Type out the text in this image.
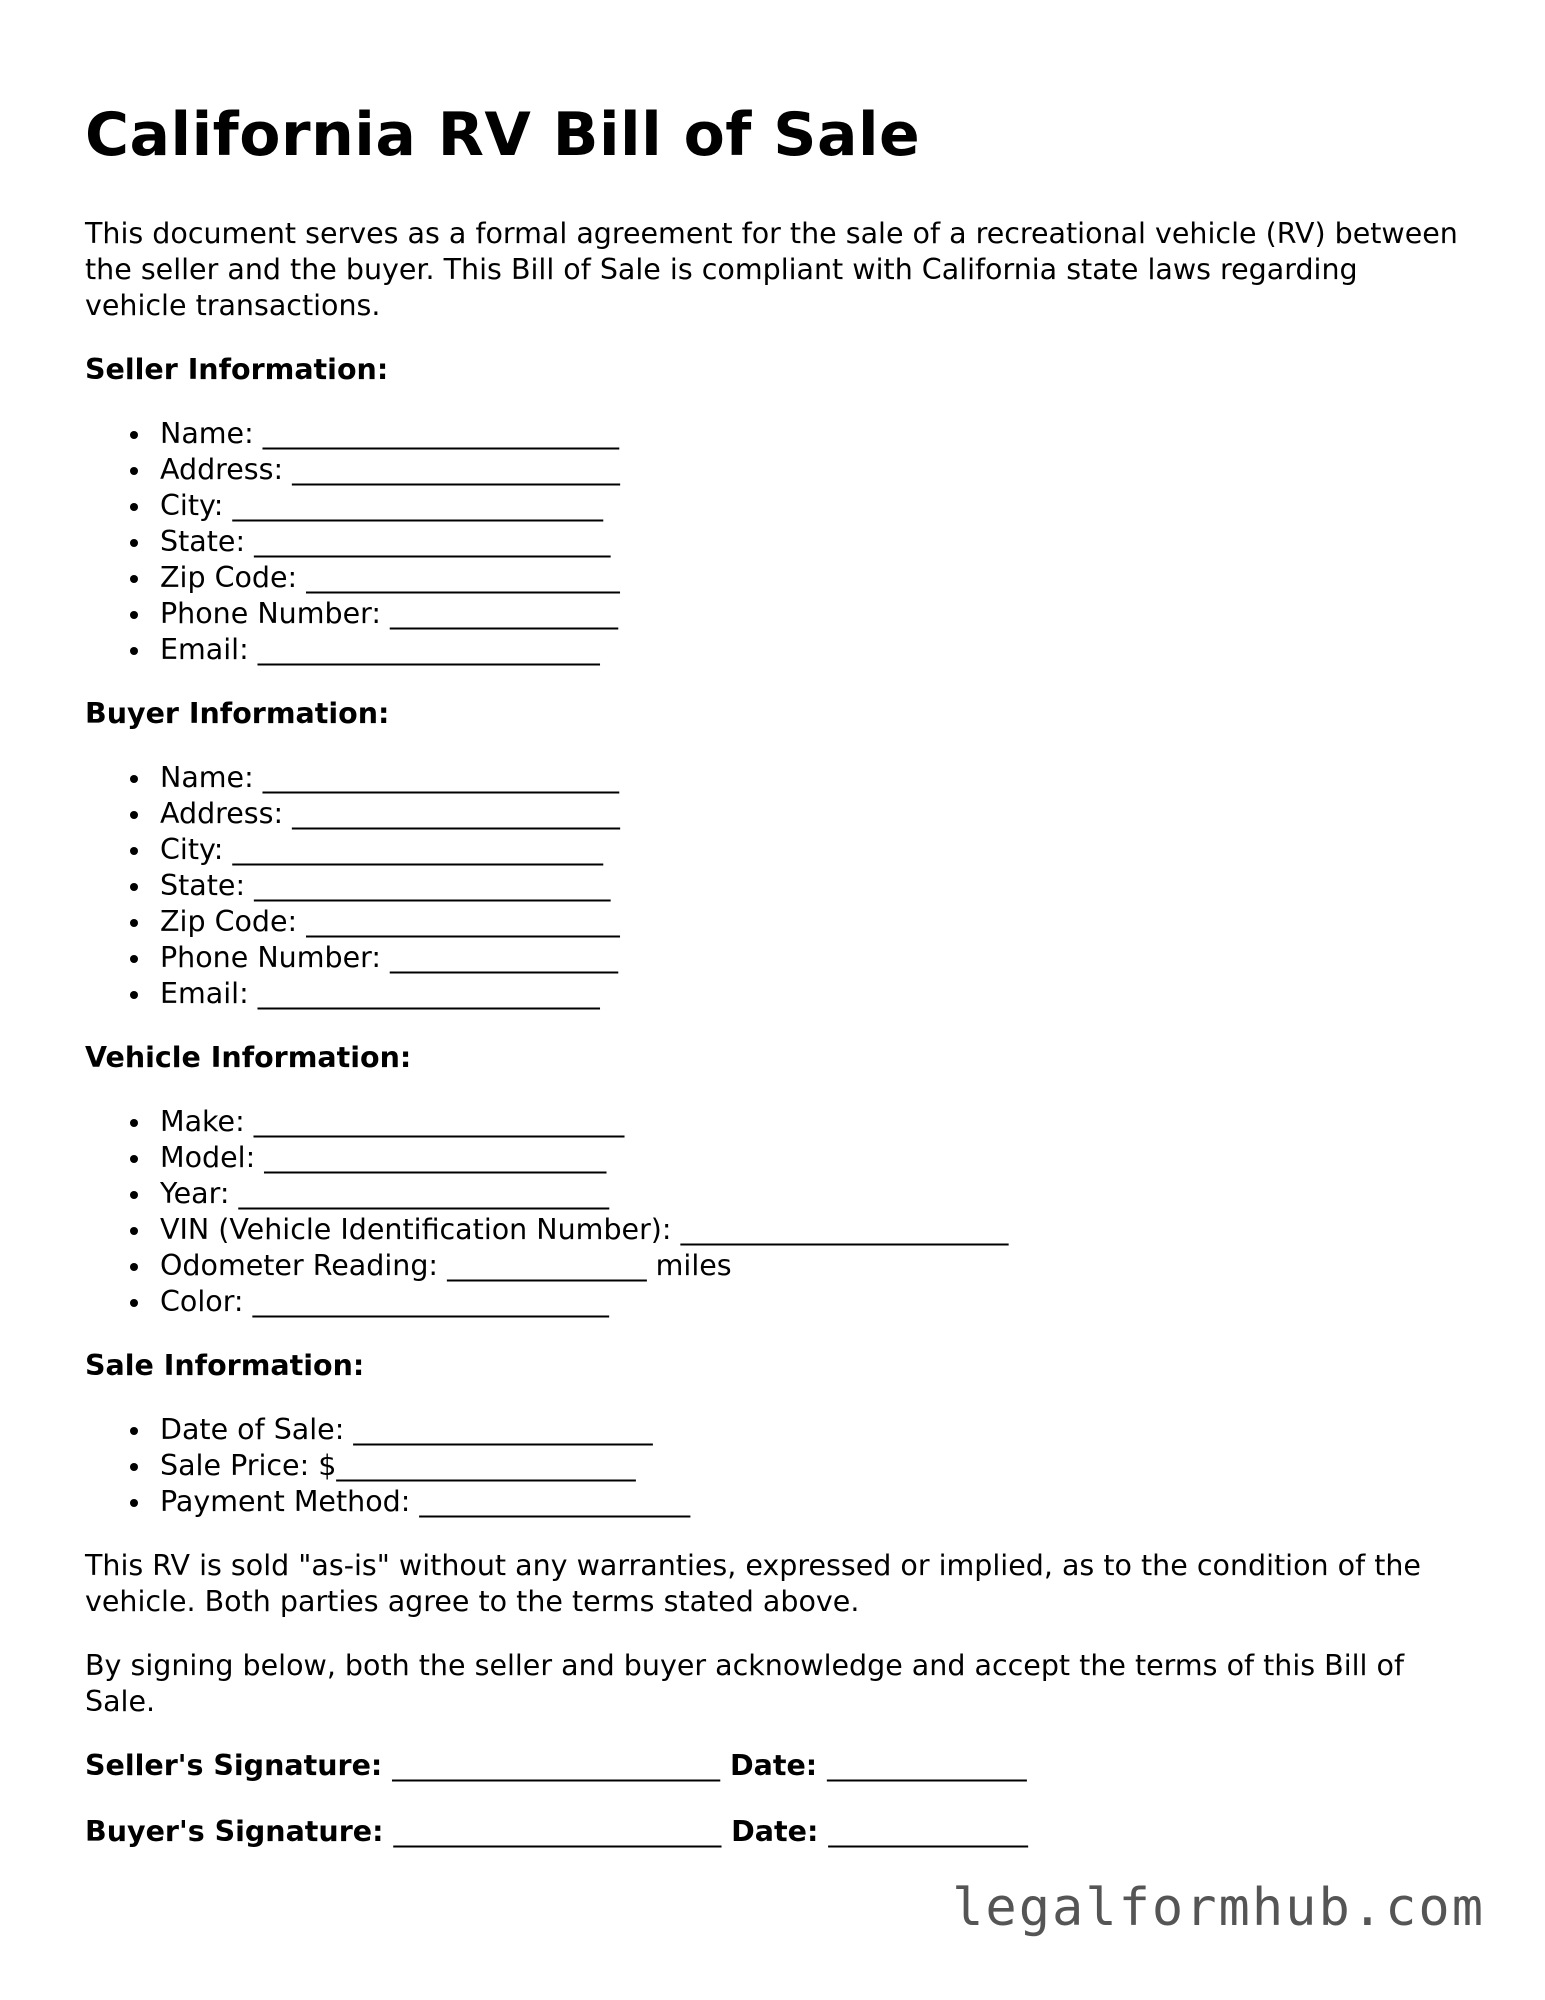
California RV Bill of Sale

This document serves as a formal agreement for the sale of a recreational vehicle (RV) between the seller and the buyer. This Bill of Sale is compliant with California state laws regarding vehicle transactions.

Seller Information:
Name: _________________________
Address: _______________________
City: __________________________
State: _________________________
Zip Code: ______________________
Phone Number: ________________
Email: ________________________
Buyer Information:
Name: _________________________
Address: _______________________
City: __________________________
State: _________________________
Zip Code: ______________________
Phone Number: ________________
Email: ________________________
Vehicle Information:
Make: __________________________
Model: ________________________
Year: __________________________
VIN (Vehicle Identification Number): _______________________
Odometer Reading: ______________ miles
Color: _________________________
Sale Information:
Date of Sale: _____________________
Sale Price: $_____________________
Payment Method: ___________________

This RV is sold "as-is" without any warranties, expressed or implied, as to the condition of the vehicle. Both parties agree to the terms stated above.

By signing below, both the seller and buyer acknowledge and accept the terms of this Bill of Sale.

Seller's Signature: _______________________ Date: ______________
Buyer's Signature: _______________________ Date: ______________
legalformhub.com
